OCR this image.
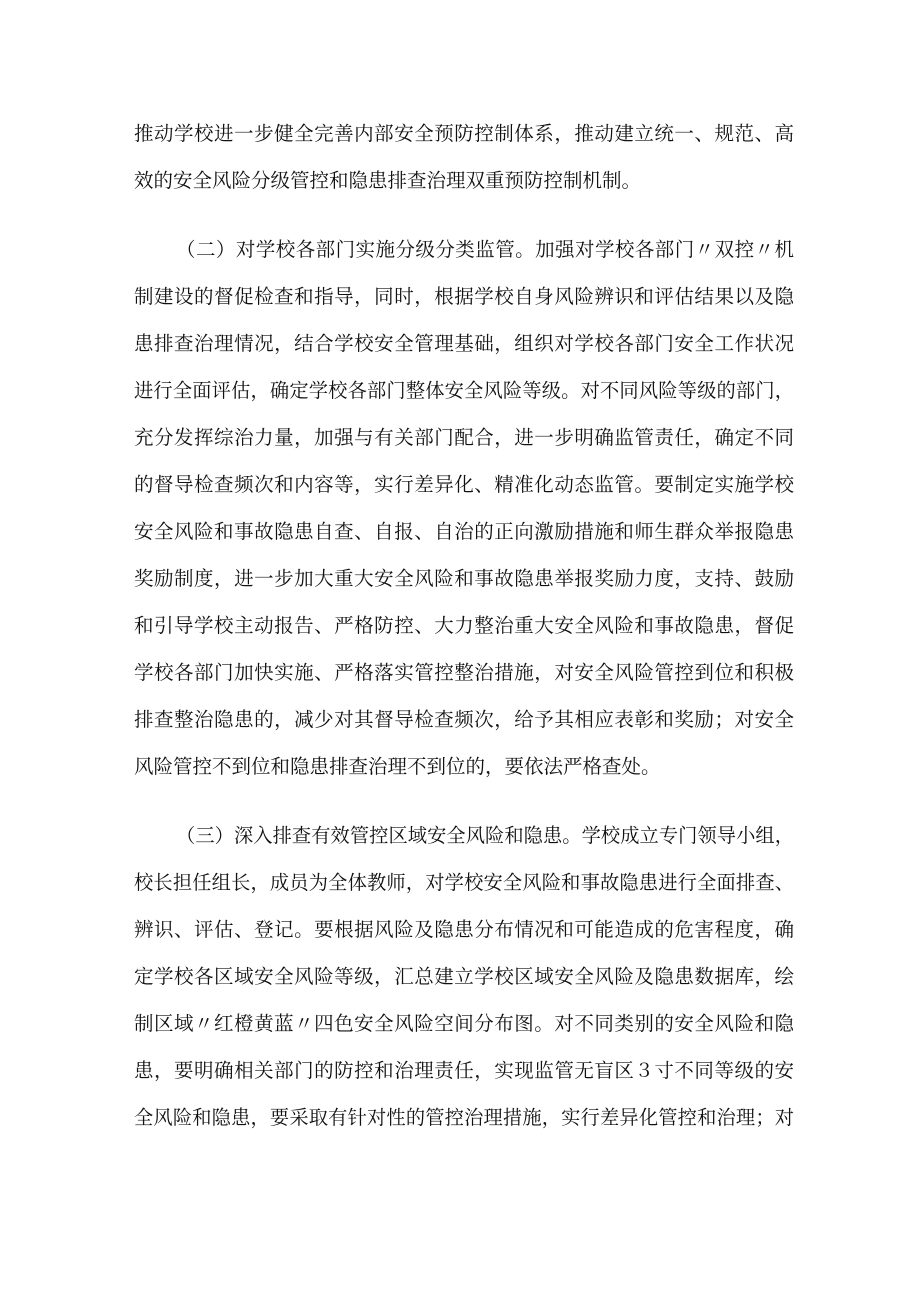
推动学校进一步健全完善内部安全预防控制体系，推动建立统一、规范、高
效的安全风险分级管控和隐患排查治理双重预防控制机制。
（二）对学校各部门实施分级分类监管。加强对学校各部门〃双控〃机
制建设的督促检查和指导，同时，根据学校自身风险辨识和评估结果以及隐
患排查治理情况，结合学校安全管理基础，组织对学校各部门安全工作状况
进行全面评估，确定学校各部门整体安全风险等级。对不同风险等级的部门，
充分发挥综治力量，加强与有关部门配合，进一步明确监管责任，确定不同
的督导检查频次和内容等，实行差异化、精准化动态监管。要制定实施学校
安全风险和事故隐患自查、自报、自治的正向激励措施和师生群众举报隐患
奖励制度，进一步加大重大安全风险和事故隐患举报奖励力度，支持、鼓励
和引导学校主动报告、严格防控、大力整治重大安全风险和事故隐患，督促
学校各部门加快实施、严格落实管控整治措施，对安全风险管控到位和积极
排查整治隐患的，减少对其督导检查频次，给予其相应表彰和奖励；对安全
风险管控不到位和隐患排查治理不到位的，要依法严格查处。
（三）深入排查有效管控区域安全风险和隐患。学校成立专门领导小组，
校长担任组长，成员为全体教师，对学校安全风险和事故隐患进行全面排查、
辨识、评估、登记。要根据风险及隐患分布情况和可能造成的危害程度，确
定学校各区域安全风险等级，汇总建立学校区域安全风险及隐患数据库，绘
制区域〃红橙黄蓝〃四色安全风险空间分布图。对不同类别的安全风险和隐
患，要明确相关部门的防控和治理责任，实现监管无盲区３寸不同等级的安
全风险和隐患，要采取有针对性的管控治理措施，实行差异化管控和治理；对
